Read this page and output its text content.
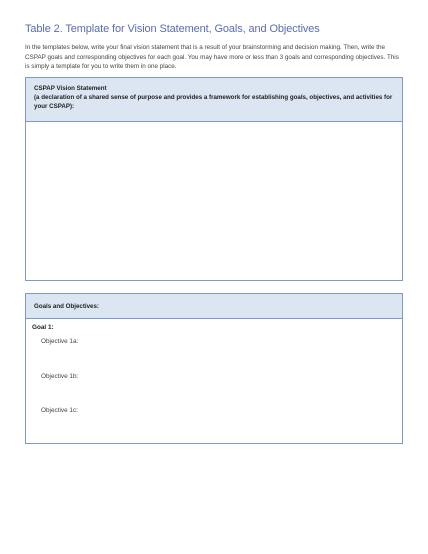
Table 2. Template for Vision Statement, Goals, and Objectives
In the templates below, write your final vision statement that is a result of your brainstorming and decision making. Then, write the CSPAP goals and corresponding objectives for each goal. You may have more or less than 3 goals and corresponding objectives. This is simply a template for you to write them in one place.
CSPAP Vision Statement
(a declaration of a shared sense of purpose and provides a framework for establishing goals, objectives, and activities for your CSPAP):
Goals and Objectives:
Goal 1:
Objective 1a:
Objective 1b:
Objective 1c:
